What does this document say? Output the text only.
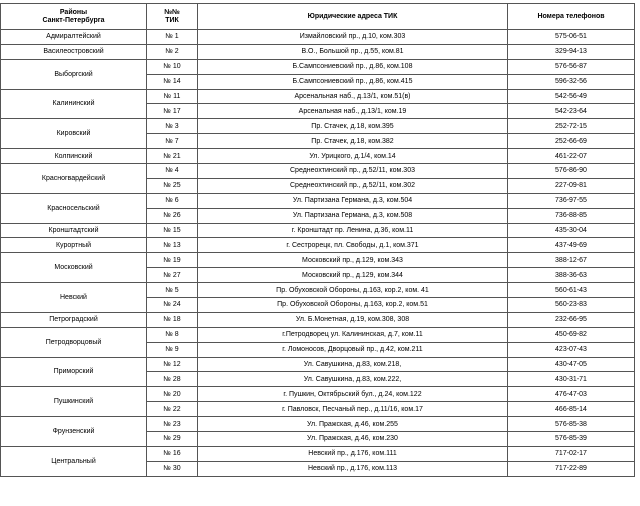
Районы
Санкт-Петербурга	№№
ТИК	Юридические адреса ТИК	Номера телефонов
Адмиралтейский	№ 1	Измайловский пр., д.10, ком.303	575-06-51
Василеостровский	№ 2	В.О., Большой пр., д.55, ком.81	329-94-13
Выборгский	№ 10	Б.Сампсониевский пр., д.86, ком.108	576-56-87
	№ 14	Б.Сампсониевский пр., д.86, ком.415	596-32-56
Калининский	№ 11	Арсенальная наб., д.13/1, ком.51(в)	542-56-49
	№ 17	Арсенальная наб., д.13/1, ком.19	542-23-64
Кировский	№ 3	Пр. Стачек, д.18, ком.395	252-72-15
	№ 7	Пр. Стачек, д.18, ком.382	252-66-69
Колпинский	№ 21	Ул. Урицкого, д.1/4, ком.14	461-22-07
Красногвардейский	№ 4	Среднеохтинский пр., д.52/11, ком.303	576-86-90
	№ 25	Среднеохтинский пр., д.52/11, ком.302	227-09-81
Красносельский	№ 6	Ул. Партизана Германа, д.3, ком.504	736-97-55
	№ 26	Ул. Партизана Германа, д.3, ком.508	736-88-85
Кронштадтский	№ 15	г. Кронштадт пр. Ленина, д.36, ком.11	435-30-04
Курортный	№ 13	г. Сестрорецк, пл. Свободы, д.1, ком.371	437-49-69
Московский	№ 19	Московский пр., д.129, ком.343	388-12-67
	№ 27	Московский пр., д.129, ком.344	388-36-63
Невский	№ 5	Пр. Обуховской Обороны, д.163, кор.2, ком. 41	560-61-43
	№ 24	Пр. Обуховской Обороны, д.163, кор.2, ком.51	560-23-83
Петроградский	№ 18	Ул. Б.Монетная, д.19, ком.308, 308	232-66-95
Петродворцовый	№ 8	г.Петродворец ул. Калининская, д.7, ком.11	450-69-82
	№ 9	г. Ломоносов, Дворцовый пр., д.42, ком.211	423-07-43
Приморский	№ 12	Ул. Савушкина, д.83, ком.218,	430-47-05
	№ 28	Ул. Савушкина, д.83, ком.222,	430-31-71
Пушкинский	№ 20	г. Пушкин, Октябрьский бул., д.24, ком.122	476-47-03
	№ 22	г. Павловск, Песчаный пер., д.11/16, ком.17	466-85-14
Фрунзенский	№ 23	Ул. Пражская, д.46, ком.255	576-85-38
	№ 29	Ул. Пражская, д.46, ком.230	576-85-39
Центральный	№ 16	Невский пр., д.176, ком.111	717-02-17
	№ 30	Невский пр., д.176, ком.113	717-22-89
